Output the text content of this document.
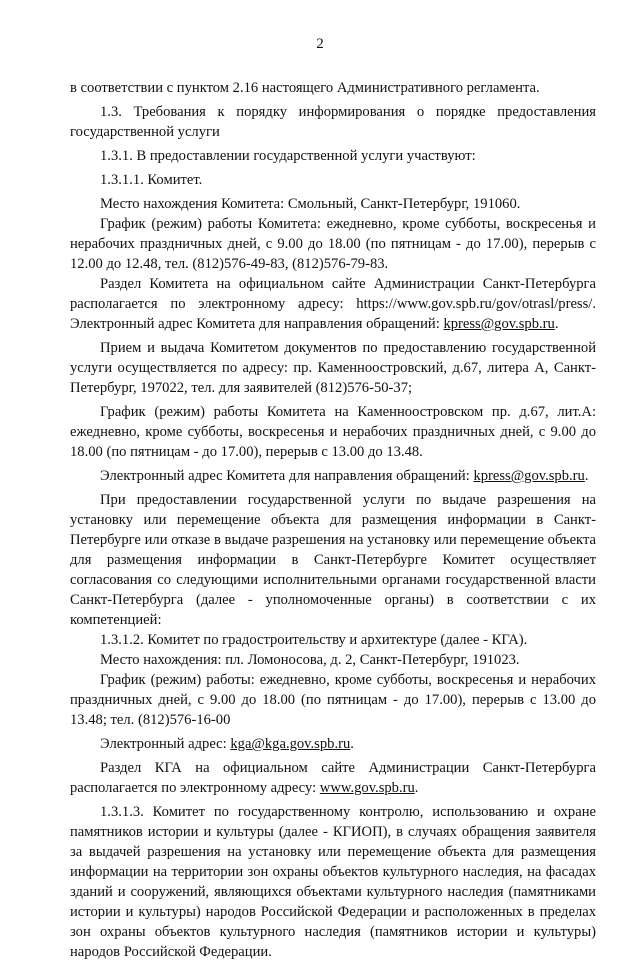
2

в соответствии с пунктом 2.16 настоящего Административного регламента.

1.3. Требования к порядку информирования о порядке предоставления государственной услуги

1.3.1. В предоставлении государственной услуги участвуют:

1.3.1.1. Комитет.

Место нахождения Комитета: Смольный, Санкт-Петербург, 191060.

График (режим) работы Комитета: ежедневно, кроме субботы, воскресенья и нерабочих праздничных дней, с 9.00 до 18.00 (по пятницам - до 17.00), перерыв с 12.00 до 12.48, тел. (812)576-49-83, (812)576-79-83.

Раздел Комитета на официальном сайте Администрации Санкт-Петербурга располагается по электронному адресу: https://www.gov.spb.ru/gov/otrasl/press/. Электронный адрес Комитета для направления обращений: kpress@gov.spb.ru.

Прием и выдача Комитетом документов по предоставлению государственной услуги осуществляется по адресу: пр. Каменноостровский, д.67, литера А, Санкт-Петербург, 197022, тел. для заявителей (812)576-50-37;

График (режим) работы Комитета на Каменноостровском пр. д.67, лит.А: ежедневно, кроме субботы, воскресенья и нерабочих праздничных дней, с 9.00 до 18.00 (по пятницам - до 17.00), перерыв с 13.00 до 13.48.

Электронный адрес Комитета для направления обращений: kpress@gov.spb.ru.

При предоставлении государственной услуги по выдаче разрешения на установку или перемещение объекта для размещения информации в Санкт-Петербурге или отказе в выдаче разрешения на установку или перемещение объекта для размещения информации в Санкт-Петербурге Комитет осуществляет согласования со следующими исполнительными органами государственной власти Санкт-Петербурга (далее - уполномоченные органы) в соответствии с их компетенцией:

1.3.1.2. Комитет по градостроительству и архитектуре (далее - КГА).

Место нахождения: пл. Ломоносова, д. 2, Санкт-Петербург, 191023.

График (режим) работы: ежедневно, кроме субботы, воскресенья и нерабочих праздничных дней, с 9.00 до 18.00 (по пятницам - до 17.00), перерыв с 13.00 до 13.48; тел. (812)576-16-00

Электронный адрес: kga@kga.gov.spb.ru.

Раздел КГА на официальном сайте Администрации Санкт-Петербурга располагается по электронному адресу: www.gov.spb.ru.

1.3.1.3. Комитет по государственному контролю, использованию и охране памятников истории и культуры (далее - КГИОП), в случаях обращения заявителя за выдачей разрешения на установку или перемещение объекта для размещения информации на территории зон охраны объектов культурного наследия, на фасадах зданий и сооружений, являющихся объектами культурного наследия (памятниками истории и культуры) народов Российской Федерации и расположенных в пределах зон охраны объектов культурного наследия (памятников истории и культуры) народов Российской Федерации.
